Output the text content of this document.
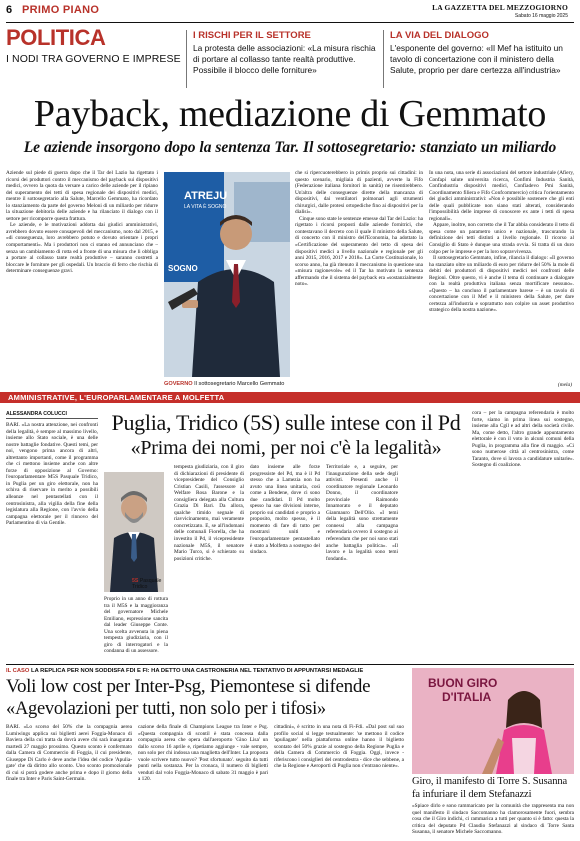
6 PRIMO PIANO	LA GAZZETTA DEL MEZZOGIORNO
Sabato 16 maggio 2025
POLITICA
I NODI TRA GOVERNO E IMPRESE
I RISCHI PER IL SETTORE
La protesta delle associazioni: «La misura rischia di portare al collasso tante realtà produttive. Possibile il blocco delle forniture»
LA VIA DEL DIALOGO
L'esponente del governo: «Il Mef ha istituito un tavolo di concertazione con il ministero della Salute, proprio per dare certezza all'industria»
Payback, mediazione di Gemmato
Le aziende insorgono dopo la sentenza Tar. Il sottosegretario: stanziato un miliardo

Aziende sul piede di guerra dopo che il Tar del Lazio ha rigettato i ricorsi dei produttori contro il meccanismo del payback sui dispositivi medici, ovvero la quota da versare a carico delle aziende per il ripiano del superamento dei tetti di spesa regionale dei dispositivi medici, mentre il sottosegretario alla Salute, Marcello Gemmato, ha ricordato lo stanziamento da parte del governo Meloni di un miliardo per ridurre la situazione debitoria delle aziende e ha rilanciato il dialogo con il settore per ricomporre questa frattura.

Le aziende, e le motivazioni addotta dai giudici amministrativi, avrebbero dovuto essere consapevoli del meccanismo, noto dal 2015, e «di conseguenza, loro avrebbero potuto e dovuto orientare i propri comportamenti». Ma i produttori non ci stanno ed annunciano che – senza un cambiamento di rotta ed a fronte di una misura che li obbliga a portare al collasso tante realtà produttive – saranno costretti a bloccare le forniture per gli ospedali. Un braccio di ferro che rischia di determinare conseguenze gravi.

ATREJU
LA VITA È SOGNO
SOGNO
GOVERNO Il sottosegretario Marcello Gemmato

che si ripercuoterebbero in primis proprio sui cittadini: in questo scenario, migliaia di pazienti, avverte la Fifo (Federazione italiana fornitori in sanità) ne risentirebbero. Un'altra delle conseguenze dirette della mancanza di dispositivi, dai ventilatori polmonari agli strumenti chirurgici, dalle protesi ortopediche fino ai dispositivi per la dialisi».

Cinque sono state le sentenze emesse dal Tar del Lazio: ha rigettato i ricorsi proposti dalle aziende fornitrici, che contestavano il decreto con il quale il ministro della Salute, di concerto con il ministro dell'Economia, ha adottato la «Certificazione del superamento del tetto di spesa dei dispositivi medici a livello nazionale e regionale per gli anni 2015, 2016, 2017 e 2018». La Corte Costituzionale, lo scorso anno, ha già ritenuto il meccanismo in questione una «misura ragionevole» ed il Tar ha motivato la sentenza affermando che il sistema del payback era «sostanzialmente noto».

In una nota, una serie di associazioni del settore industriale (Afiery, Confapi salute universita ricerca, Confimi Industria Sanità, Confindustria dispositivi medici, Confiadevo Pmi Sanità, Coordinamento filiera e Fifo Confcommercio) critica l'orientamento dei giudici amministrativi: «Non è possibile sostenere che gli enti delle quali pubblicate non siano stati alterati, considerando l'impossibilità delle imprese di conoscere ex ante i tetti di spesa regionali».

Appare, inoltre, non corretto che il Tar abbia considerato il tetto di spesa come un parametro unico e nazionale, trascurando la definizione dei tetti distinti a livello regionale. Il ricorso al Consiglio di Stato è dunque una strada ovvia. Si tratta di un duro colpo per le imprese e per la loro sopravvivenza.

Il sottosegretario Gemmato, infine, rilancia il dialogo: «Il governo ha stanziato oltre un miliardo di euro per ridurre del 50% la mole di debiti dei produttori di dispositivi medici nei confronti delle Regioni. Oltre questo, vi è anche il tema di continuare a dialogare con la realtà produttiva italiana senza mortificare nessuno». «Questo – ha concluso il parlamentare barese – è un tavolo di concertazione con il Mef e il ministero della Salute, per dare certezza all'industria e soprattutto non colpire un asset produttivo strategico della nostra nazione».

(mela)
AMMINISTRATIVE, L'EUROPARLAMENTARE A MOLFETTA
ALESSANDRA COLUCCI Puglia, Tridico (5S) sulle intese con il Pd
«Prima dei nomi, per noi c'è la legalità»

BARI. «La nostra attenzione, nei confronti della legalità, è sempre al massimo livello, insieme allo Stato sociale, è una delle nostre battaglie fondative. Questi temi, per noi, vengono prima ancora di altri, altrettanto importanti, come il programma che ci mettono insieme anche con altre forze di opposizione al Governo: l'europarlamentare M5S Pasquale Tridico, in Puglia per un giro elettorale, non ha schiva di riservare in merito a possibili alleanze nel pentastellati con il centrosinistra, alla vigilia della fine della legislatura alla Regione, con l'avvio della campagna elettorale per il rinnovo del Parlamentino di via Gentile.

5S Pasquale Tridico

Proprio in un anno di rottura tra il M5S e la maggioranza del governatore Michele Emiliano, espressione sancita dal leader Giuseppe Conte. Una scelta avvenuta in piena tempesta giudiziaria, con il giro di interrogatori e la condanna di un assessore.

tempesta giudiziaria, con il giro di dichiarazioni di presidente di vicepresidente del Consiglio Cristian Casili, l'assessore al Welfare Rosa Barone e la consigliera delegata alla Cultura Grazia Di Bari. Da allora, qualche timido segnale di riavvicinamento, mai veramente concretizzato. E, se all'indomani delle comunali Fiorella, che ha investito il Pd, il vicepresidente nazionale M5S, il senatore Mario Turco, si è schierato su posizioni critiche.

dato insieme alle forze progressiste del Pd, ma è il Pd stesso che a Lamezia non ha avuto una linea unitaria, così come a Bendene, dove ci sono due candidati. Il Pd molto spesso ha sue divisioni interne, proprio sui candidati e proprio a proposito, molto spesso, è il momento di fare di tutto per mostrarsi uniti e l'europarlamentare pentastellato è stato a Molfetta a sostegno del sindaco.

Territoriale e, a seguire, per l'inaugurazione della sede degli attivisti. Presenti anche il coordinatore regionale Leonardo Donno, il coordinatore provinciale Raimondo Innamorato e il deputato Gianmauro Dell'Olio. «I temi della legalità sono strettamente connessi alla campagna referendaria ovvero il sostegno ai referendum che per noi sono stati anche battaglia politica». «Il lavoro e la legalità sono temi fondanti».

cora – per la campagna referendaria è molto forte, siamo in prima linea sui sostegno, insieme alla Cgil e ad altri della società civile. Ma, come detto, l'altro grande appuntamento elettorale è con il voto in alcuni comuni della Puglia, in programma alla fine di maggio. «Ci sono numerose città al centrosinistra, come Taranto, dove si lavora a candidature unitarie». Sostegno di coalizione.

IL CASO LA REPLICA PER NON SODDISFA FDI E FI: HA DETTO UNA CASTRONERIA NEL TENTATIVO DI APPUNTARSI MEDAGLIE
Voli low cost per Inter-Psg, Piemontese si difende
«Agevolazioni per tutti, non solo per i tifosi»

BARI. «Lo scorso del 50% che la compagnia aerea Lumiwings applica sui biglietti aerei Foggia-Monaco di Baviera della cui tratta da dovrà avere chi sarà inaugurata martedì 27 maggio prossimo. Questo sconto è confermato dalla Camera di Commercio di Foggia, il cui presidente, Giuseppe Di Carlo è deve anche l'idea del codice 'Apulia-gate' che dà diritto allo sconto. Uno sconto promozionale di cui si potrà godere anche prima e dopo il giorno della finale tra Inter e Paris Saint-Germain.

cazione della finale di Champions League tra Inter e Psg. «Questa compagnia di scontil è stata concessa dalla compagnia aerea che opera dall'aeroporto 'Gino Lisa' un dallo scorso 16 aprile e, ripetiamo aggiunge - vale sempre, non solo per chi indossa una maglietta dell'Inter. La proposta vuole scrivere tutto nuovo? 'Post sfortunato'. seguito da tutti punti nella sostanza. Per la cronaca, il numero di biglietti venduti dal volo Foggia-Monaco di sabato 31 maggio è pari a 120.

cittadini», è scritto in una nota di Fi-Fdi. «Dal post sul suo profilo social si legge testualmente: 'se mettono il codice 'apuliagate' nella piattaforma online hanno il biglietto scontato del 50% grazie al sostegno della Regione Puglia e della Camera di Commercio di Foggia. Oggi, invece - riferiscono i consiglieri del centrodestra - dice che sebbene, a che la Regione e Aeroporti di Puglia non c'entrano niente».

BUON GIRO
D'ITALIA
Giro, il manifesto di Torre S. Susanna fa infuriare il dem Stefanazzi

«Spiace dirlo e sono rammaricato per la comunità che rappresenta ma non quel manifesto il sindaco Saccomanno ha clamorosamente fuori, sembra cosa che il Giro indichi, ci rammarica a tutti per quanto si è fatto: questa la critica del deputato Pd Claudio Stefanazzi al sindaco di Torre Santa Susanna, il senatore Michele Saccomanno.
